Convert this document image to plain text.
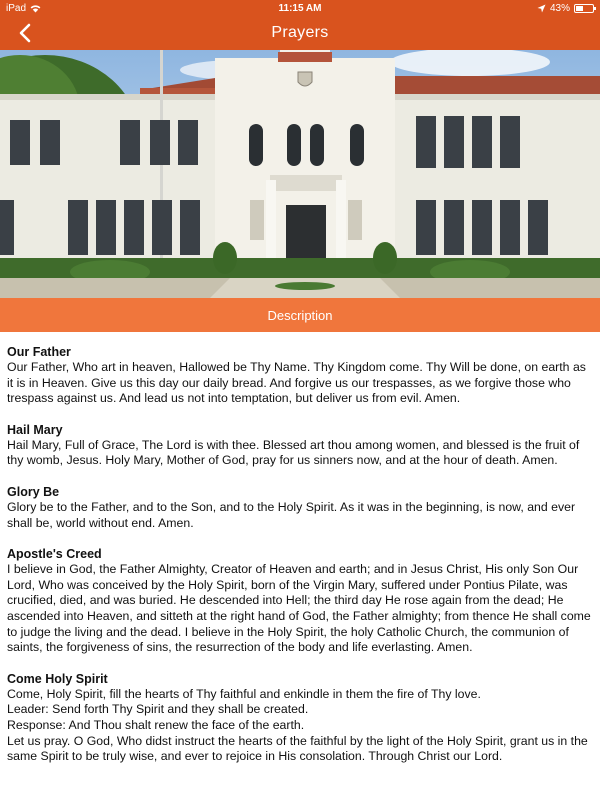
iPad	11:15 AM	43%
Prayers
Description
Our Father
Our Father, Who art in heaven, Hallowed be Thy Name. Thy Kingdom come. Thy Will be done, on earth as it is in Heaven. Give us this day our daily bread. And forgive us our trespasses, as we forgive those who trespass against us. And lead us not into temptation, but deliver us from evil. Amen.
Hail Mary
Hail Mary, Full of Grace, The Lord is with thee. Blessed art thou among women, and blessed is the fruit of thy womb, Jesus. Holy Mary, Mother of God, pray for us sinners now, and at the hour of death. Amen.
Glory Be
Glory be to the Father, and to the Son, and to the Holy Spirit. As it was in the beginning, is now, and ever shall be, world without end. Amen.
Apostle's Creed
I believe in God, the Father Almighty, Creator of Heaven and earth; and in Jesus Christ, His only Son Our Lord, Who was conceived by the Holy Spirit, born of the Virgin Mary, suffered under Pontius Pilate, was crucified, died, and was buried. He descended into Hell; the third day He rose again from the dead; He ascended into Heaven, and sitteth at the right hand of God, the Father almighty; from thence He shall come to judge the living and the dead. I believe in the Holy Spirit, the holy Catholic Church, the communion of saints, the forgiveness of sins, the resurrection of the body and life everlasting. Amen.
Come Holy Spirit
Come, Holy Spirit, fill the hearts of Thy faithful and enkindle in them the fire of Thy love.
Leader: Send forth Thy Spirit and they shall be created.
Response: And Thou shalt renew the face of the earth.
Let us pray. O God, Who didst instruct the hearts of the faithful by the light of the Holy Spirit, grant us in the same Spirit to be truly wise, and ever to rejoice in His consolation. Through Christ our Lord.
